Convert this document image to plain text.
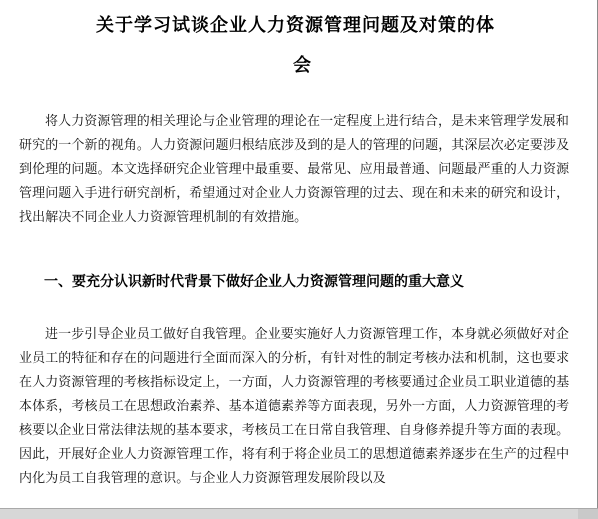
关于学习试谈企业人力资源管理问题及对策的体
会

将人力资源管理的相关理论与企业管理的理论在一定程度上进行结合，是未来管理学发展和研究的一个新的视角。人力资源问题归根结底涉及到的是人的管理的问题，其深层次必定要涉及到伦理的问题。本文选择研究企业管理中最重要、最常见、应用最普通、问题最严重的人力资源管理问题入手进行研究剖析，希望通过对企业人力资源管理的过去、现在和未来的研究和设计，找出解决不同企业人力资源管理机制的有效措施。

一、要充分认识新时代背景下做好企业人力资源管理问题的重大意义

进一步引导企业员工做好自我管理。企业要实施好人力资源管理工作，本身就必须做好对企业员工的特征和存在的问题进行全面而深入的分析，有针对性的制定考核办法和机制，这也要求在人力资源管理的考核指标设定上，一方面，人力资源管理的考核要通过企业员工职业道德的基本体系，考核员工在思想政治素养、基本道德素养等方面表现，另外一方面，人力资源管理的考核要以企业日常法律法规的基本要求，考核员工在日常自我管理、自身修养提升等方面的表现。因此，开展好企业人力资源管理工作，将有利于将企业员工的思想道德素养逐步在生产的过程中内化为员工自我管理的意识。与企业人力资源管理发展阶段以及
